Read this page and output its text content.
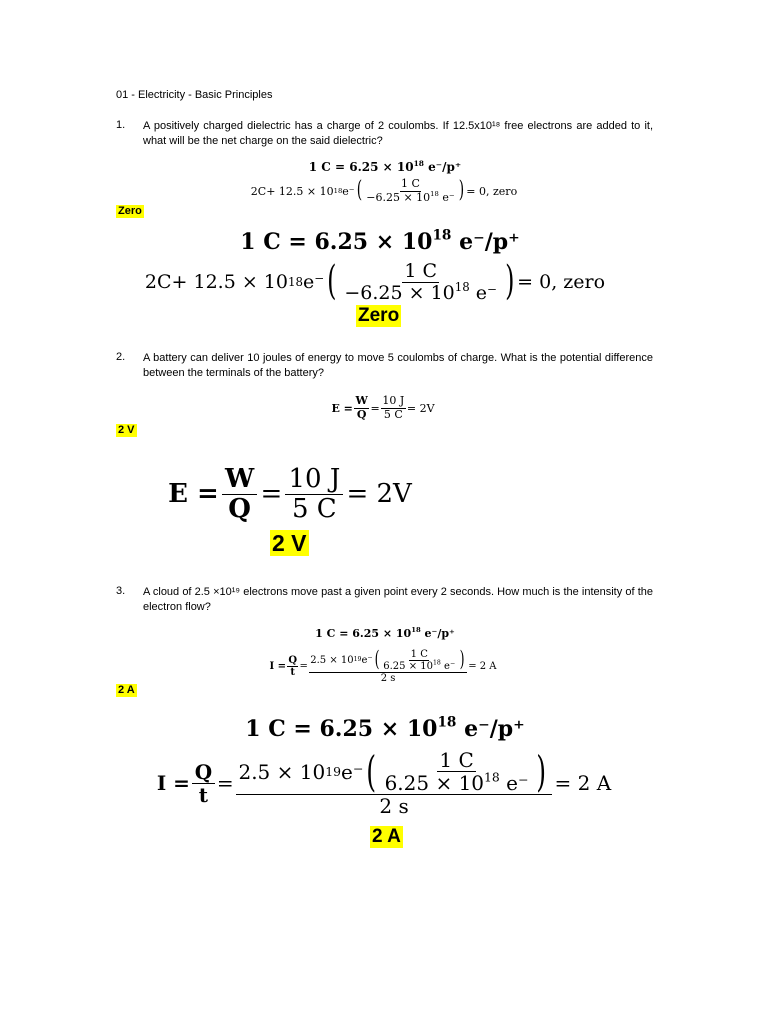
01 - Electricity - Basic Principles
1. A positively charged dielectric has a charge of 2 coulombs. If 12.5x10¹⁸ free electrons are added to it, what will be the net charge on the said dielectric?
1 $C = 6.25 \times 10^{18}$ e⁻/p⁺
2C+ 12.5 × 10 18 e⁻ ( $\frac{1 C}{-6.25 \times 10^{18} e^-}$ ) = 0, zero
Zero
1 $C = 6.25 \times 10^{18}$ e⁻/p⁺
2C+ 12.5 × 10 18 e⁻ ( $\frac{1 C}{-6.25 \times 10^{18} e^-}$ ) = 0, zero
Zero
2. A battery can deliver 10 joules of energy to move 5 coulombs of charge. What is the potential difference between the terminals of the battery?
$E = \frac{W}{Q} = \frac{10 J}{5 C} = 2V$
2 V
$E = \frac{W}{Q} = \frac{10 J}{5 C} = 2V$
2 V
3. A cloud of 2.5 ×10¹⁹ electrons move past a given point every 2 seconds. How much is the intensity of the electron flow?
1 $C = 6.25 \times 10^{18}$ e⁻/p⁺
$I = \frac{Q}{t} = \frac{2.5 \times 10 19 e^- ( \frac{1 C}{6.25 \times 10^{18} e^-} )}{2 s} = 2$ A
2 A
1 $C = 6.25 \times 10^{18}$ e⁻/p⁺
$I = \frac{Q}{t} = \frac{2.5 \times 10 19 e^- ( \frac{1 C}{6.25 \times 10^{18} e^-} )}{2 s} = 2$ A
2 A
